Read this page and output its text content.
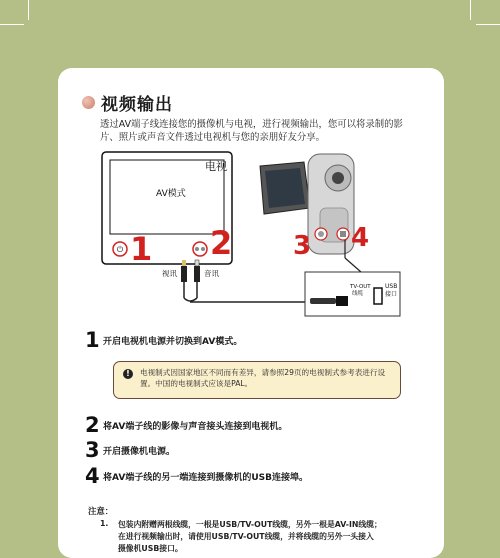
视频输出
透过AV端子线连接您的摄像机与电视，进行视频输出，您可以将录制的影片、照片或声音文件透过电视机与您的亲朋好友分享。
⏻
电视
AV模式
1 2
视讯	音讯
3 4
TV-OUT 线缆
USB 接口
1 开启电视机电源并切换到AV模式。
!	电视制式因国家地区不同而有差异，请参照29页的电视制式参考表进行设置。中国的电视制式应该是PAL。
2 将AV端子线的影像与声音接头连接到电视机。
3 开启摄像机电源。
4 将AV端子线的另一端连接到摄像机的USB连接埠。
注意：
1. 包装内附赠两根线缆，一根是USB/TV-OUT线缆，另外一根是AV-IN线缆；
在进行视频输出时，请使用USB/TV-OUT线缆，并将线缆的另外一头接入
摄像机USB接口。
